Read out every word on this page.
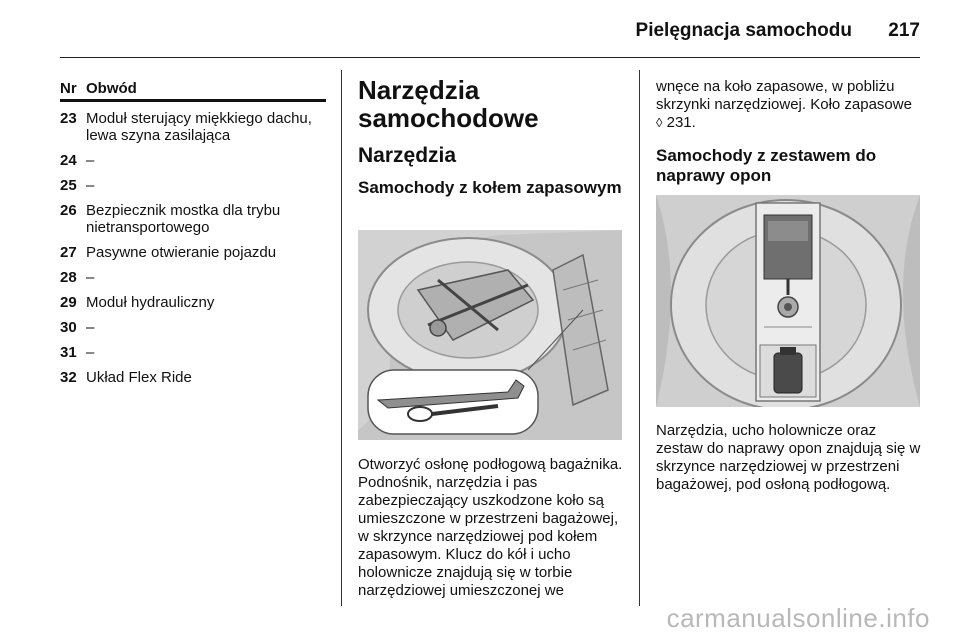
Pielęgnacja samochodu 217
Nr Obwód
23 Moduł sterujący miękkiego dachu, lewa szyna zasilająca
24 –
25 –
26 Bezpiecznik mostka dla trybu nietransportowego
27 Pasywne otwieranie pojazdu
28 –
29 Moduł hydrauliczny
30 –
31 –
32 Układ Flex Ride
Narzędzia samochodowe
Narzędzia
Samochody z kołem zapasowym

Otworzyć osłonę podłogową bagażnika. Podnośnik, narzędzia i pas zabezpieczający uszkodzone koło są umieszczone w przestrzeni bagażowej, w skrzynce narzędziowej pod kołem zapasowym. Klucz do kół i ucho holownicze znajdują się w torbie narzędziowej umieszczonej we

wnęce na koło zapasowe, w pobliżu skrzynki narzędziowej. Koło zapasowe ◊ 231.

Samochody z zestawem do naprawy opon

Narzędzia, ucho holownicze oraz zestaw do naprawy opon znajdują się w skrzynce narzędziowej w przestrzeni bagażowej, pod osłoną podłogową.

carmanualsonline.info
